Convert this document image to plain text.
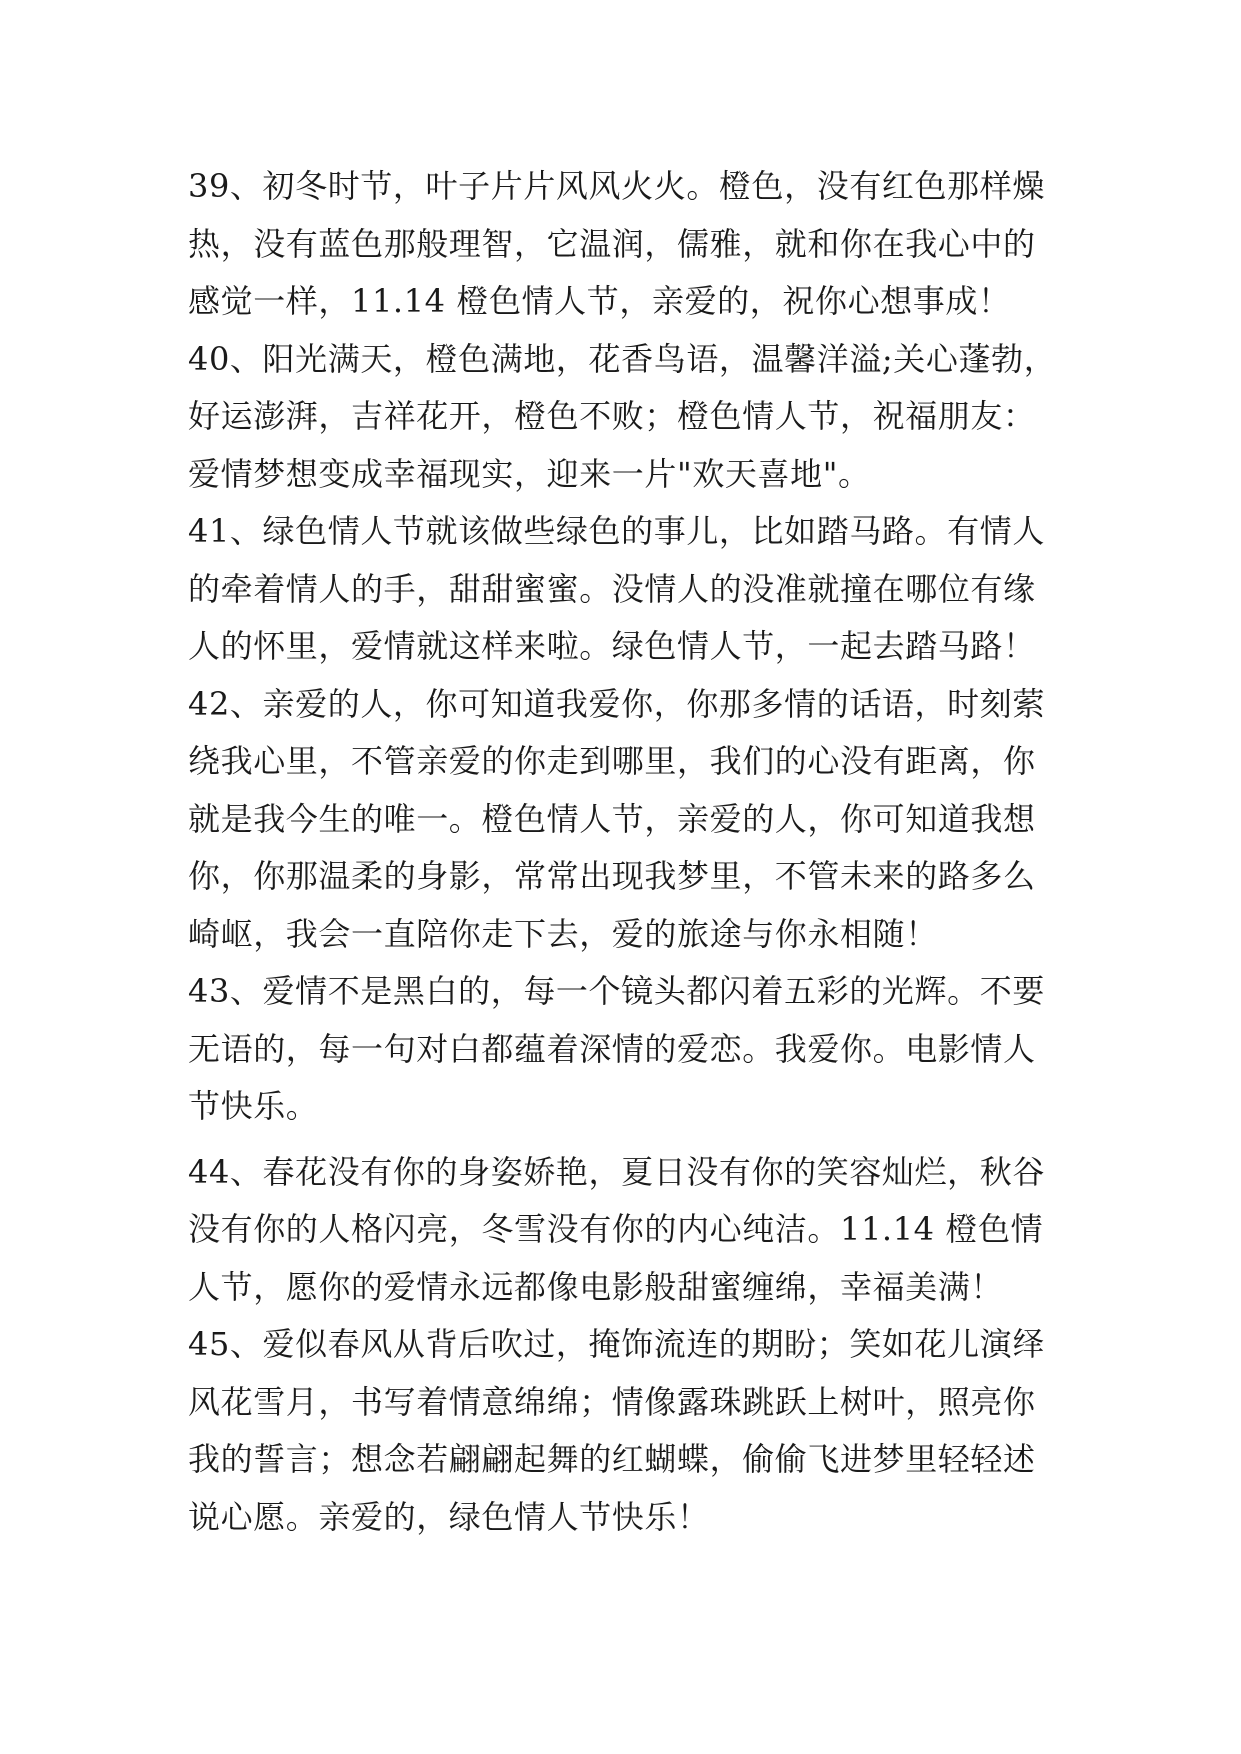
39、初冬时节，叶子片片风风火火。橙色，没有红色那样燥
热，没有蓝色那般理智，它温润，儒雅，就和你在我心中的
感觉一样，11.14 橙色情人节，亲爱的，祝你心想事成！
40、阳光满天，橙色满地，花香鸟语，温馨洋溢;关心蓬勃，
好运澎湃，吉祥花开，橙色不败；橙色情人节，祝福朋友：
爱情梦想变成幸福现实，迎来一片"欢天喜地"。
41、绿色情人节就该做些绿色的事儿，比如踏马路。有情人
的牵着情人的手，甜甜蜜蜜。没情人的没准就撞在哪位有缘
人的怀里，爱情就这样来啦。绿色情人节，一起去踏马路！
42、亲爱的人，你可知道我爱你，你那多情的话语，时刻萦
绕我心里，不管亲爱的你走到哪里，我们的心没有距离，你
就是我今生的唯一。橙色情人节，亲爱的人，你可知道我想
你，你那温柔的身影，常常出现我梦里，不管未来的路多么
崎岖，我会一直陪你走下去，爱的旅途与你永相随！
43、爱情不是黑白的，每一个镜头都闪着五彩的光辉。不要
无语的，每一句对白都蕴着深情的爱恋。我爱你。电影情人
节快乐。
44、春花没有你的身姿娇艳，夏日没有你的笑容灿烂，秋谷
没有你的人格闪亮，冬雪没有你的内心纯洁。11.14 橙色情
人节，愿你的爱情永远都像电影般甜蜜缠绵，幸福美满！
45、爱似春风从背后吹过，掩饰流连的期盼；笑如花儿演绎
风花雪月，书写着情意绵绵；情像露珠跳跃上树叶，照亮你
我的誓言；想念若翩翩起舞的红蝴蝶，偷偷飞进梦里轻轻述
说心愿。亲爱的，绿色情人节快乐！
